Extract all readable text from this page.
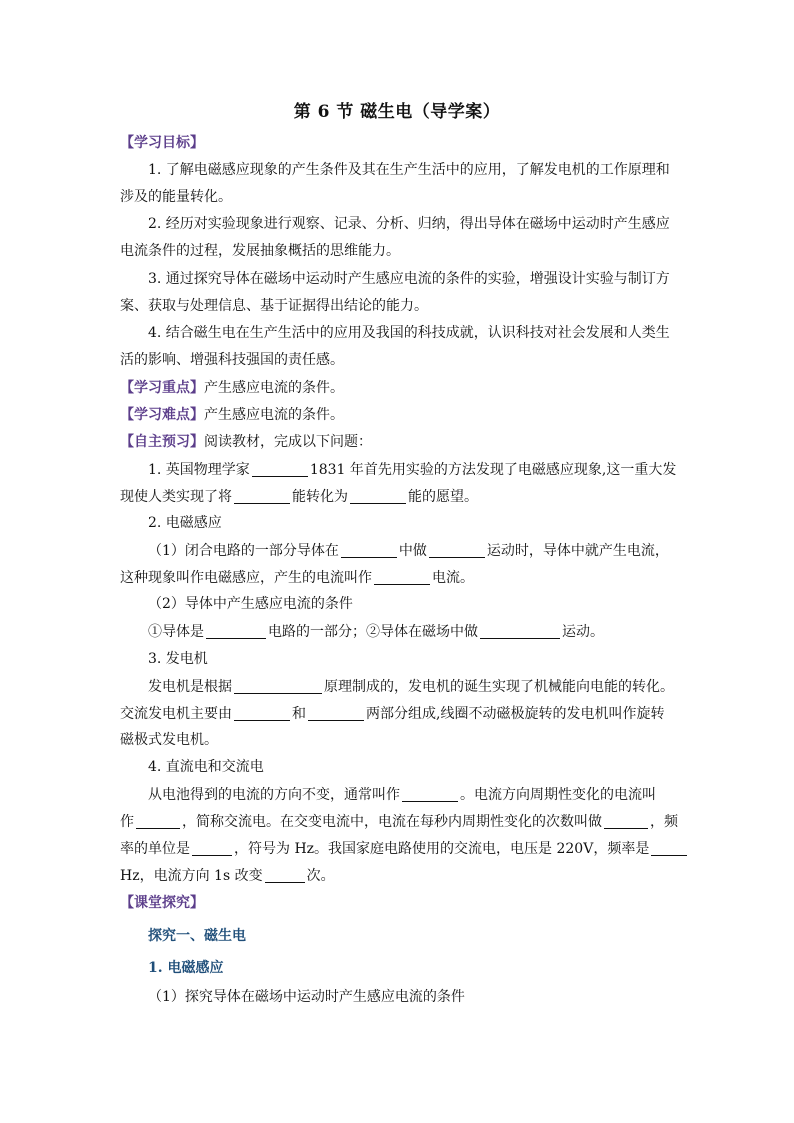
第 6 节 磁生电（导学案）
【学习目标】
1. 了解电磁感应现象的产生条件及其在生产生活中的应用，了解发电机的工作原理和
涉及的能量转化。
2. 经历对实验现象进行观察、记录、分析、归纳，得出导体在磁场中运动时产生感应
电流条件的过程，发展抽象概括的思维能力。
3. 通过探究导体在磁场中运动时产生感应电流的条件的实验，增强设计实验与制订方
案、获取与处理信息、基于证据得出结论的能力。
4. 结合磁生电在生产生活中的应用及我国的科技成就，认识科技对社会发展和人类生
活的影响、增强科技强国的责任感。
【学习重点】产生感应电流的条件。
【学习难点】产生感应电流的条件。
【自主预习】阅读教材，完成以下问题：
1. 英国物理学家	1831 年首先用实验的方法发现了电磁感应现象,这一重大发
现使人类实现了将	能转化为	能的愿望。
2. 电磁感应
（1）闭合电路的一部分导体在	中做	运动时，导体中就产生电流，
这种现象叫作电磁感应，产生的电流叫作	电流。
（2）导体中产生感应电流的条件
①导体是	电路的一部分；②导体在磁场中做	运动。
3. 发电机
发电机是根据	原理制成的，发电机的诞生实现了机械能向电能的转化。
交流发电机主要由	和	两部分组成,线圈不动磁极旋转的发电机叫作旋转
磁极式发电机。
4. 直流电和交流电
从电池得到的电流的方向不变，通常叫作	。电流方向周期性变化的电流叫
作	，简称交流电。在交变电流中，电流在每秒内周期性变化的次数叫做	，频
率的单位是	，符号为 Hz。我国家庭电路使用的交流电，电压是 220V，频率是
Hz，电流方向 1s 改变	次。
【课堂探究】
探究一、磁生电
1. 电磁感应
（1）探究导体在磁场中运动时产生感应电流的条件
